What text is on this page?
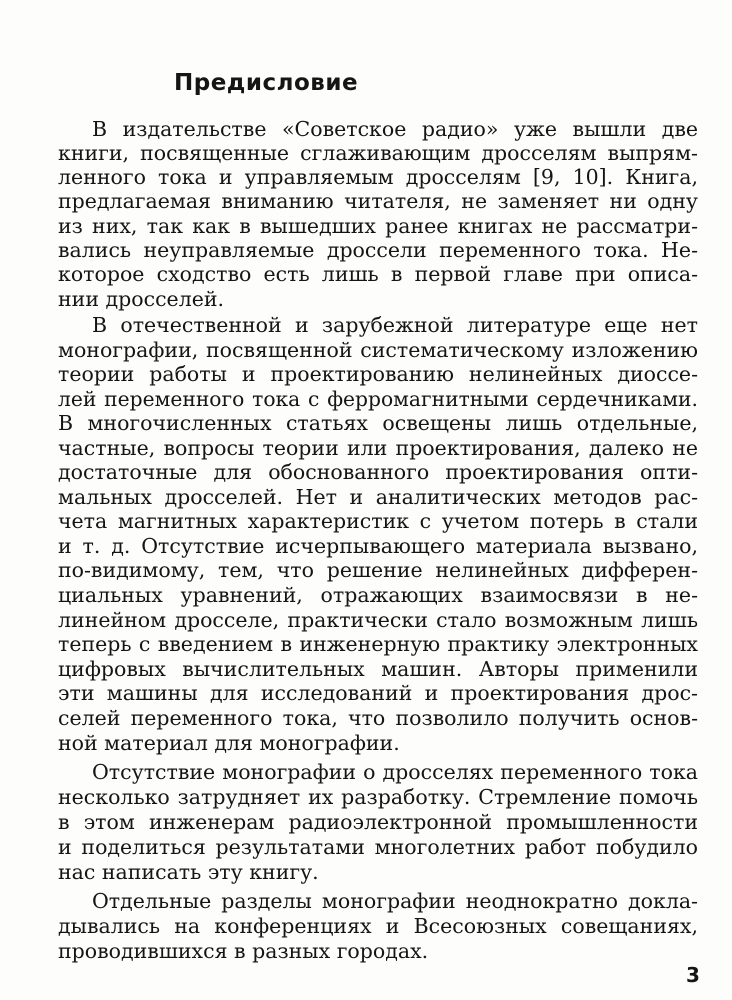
Предисловие
В издательстве «Советское радио» уже вышли две
книги, посвященные сглаживающим дросселям выпрям-
ленного тока и управляемым дросселям [9, 10]. Книга,
предлагаемая вниманию читателя, не заменяет ни одну
из них, так как в вышедших ранее книгах не рассматри-
вались неуправляемые дроссели переменного тока. Не-
которое сходство есть лишь в первой главе при описа-
нии дросселей.
В отечественной и зарубежной литературе еще нет
монографии, посвященной систематическому изложению
теории работы и проектированию нелинейных диоссе-
лей переменного тока с ферромагнитными сердечниками.
В многочисленных статьях освещены лишь отдельные,
частные, вопросы теории или проектирования, далеко не
достаточные для обоснованного проектирования опти-
мальных дросселей. Нет и аналитических методов рас-
чета магнитных характеристик с учетом потерь в стали
и т. д. Отсутствие исчерпывающего материала вызвано,
по-видимому, тем, что решение нелинейных дифферен-
циальных уравнений, отражающих взаимосвязи в не-
линейном дросселе, практически стало возможным лишь
теперь с введением в инженерную практику электронных
цифровых вычислительных машин. Авторы применили
эти машины для исследований и проектирования дрос-
селей переменного тока, что позволило получить основ-
ной материал для монографии.
Отсутствие монографии о дросселях переменного тока
несколько затрудняет их разработку. Стремление помочь
в этом инженерам радиоэлектронной промышленности
и поделиться результатами многолетних работ побудило
нас написать эту книгу.
Отдельные разделы монографии неоднократно докла-
дывались на конференциях и Всесоюзных совещаниях,
проводившихся в разных городах.
3
